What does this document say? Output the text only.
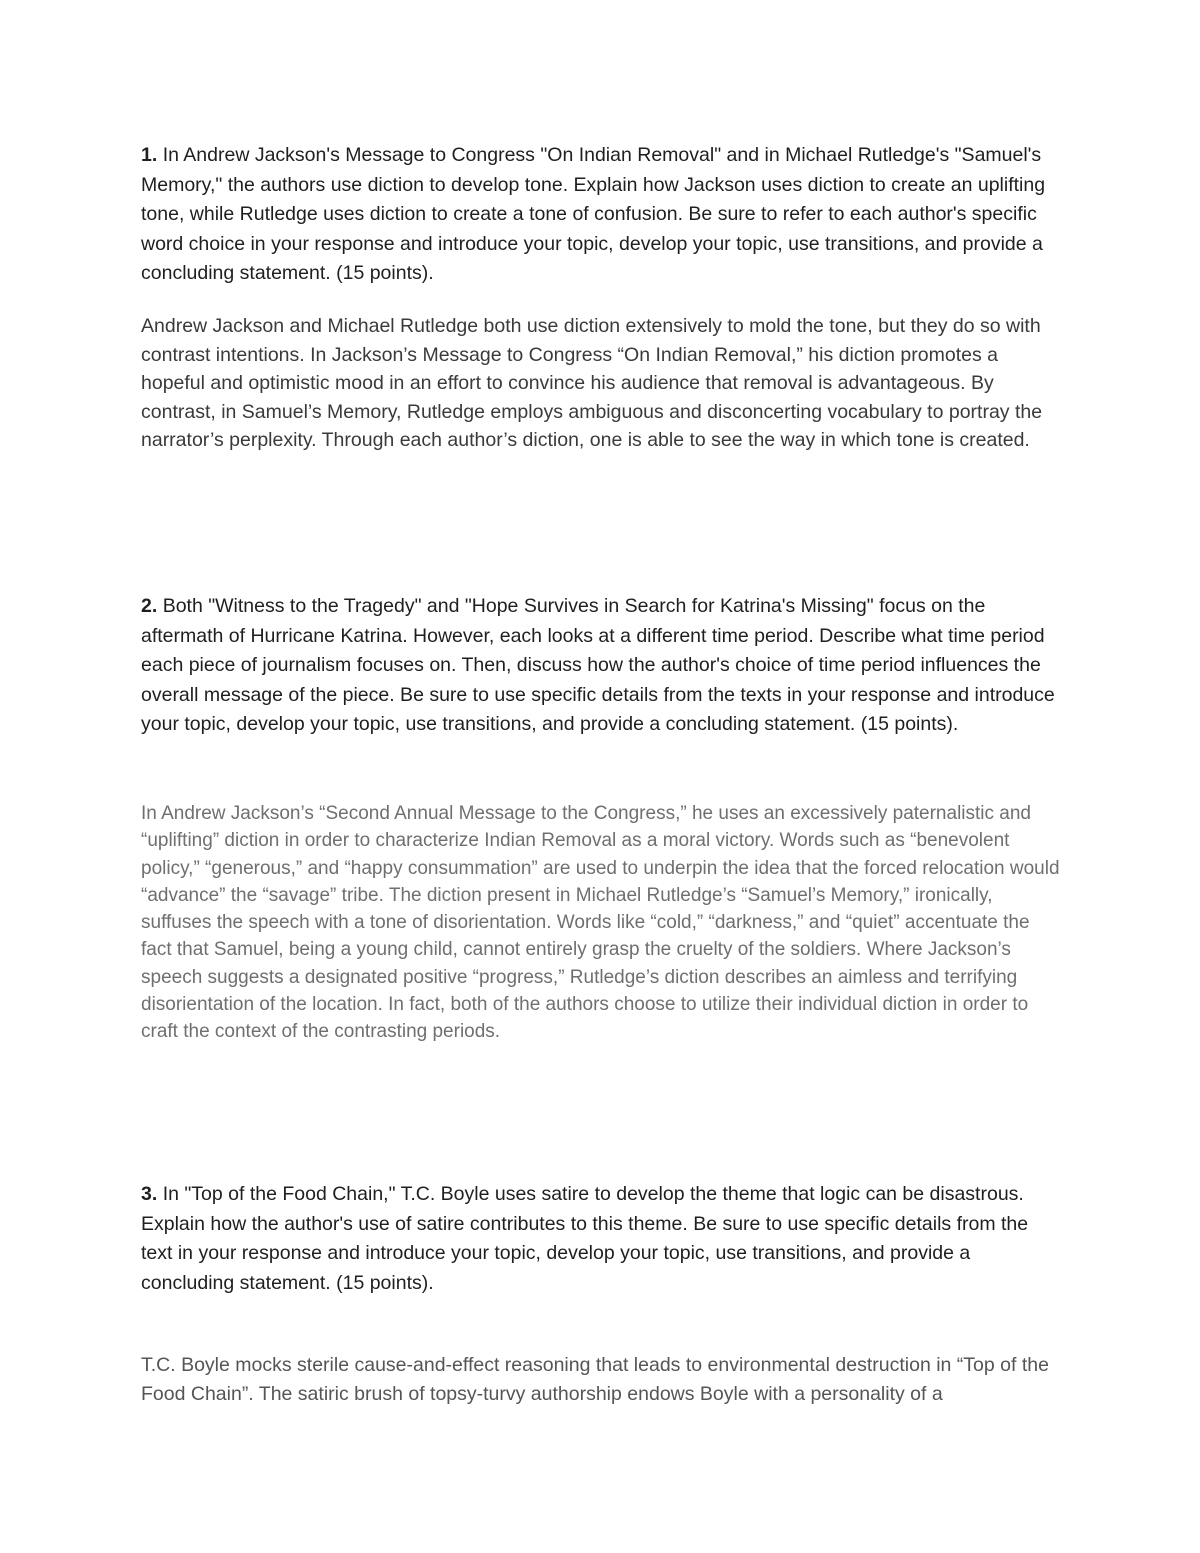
1. In Andrew Jackson's Message to Congress "On Indian Removal" and in Michael Rutledge's "Samuel's Memory," the authors use diction to develop tone. Explain how Jackson uses diction to create an uplifting tone, while Rutledge uses diction to create a tone of confusion. Be sure to refer to each author's specific word choice in your response and introduce your topic, develop your topic, use transitions, and provide a concluding statement. (15 points).

Andrew Jackson and Michael Rutledge both use diction extensively to mold the tone, but they do so with contrast intentions. In Jackson’s Message to Congress “On Indian Removal,” his diction promotes a hopeful and optimistic mood in an effort to convince his audience that removal is advantageous. By contrast, in Samuel’s Memory, Rutledge employs ambiguous and disconcerting vocabulary to portray the narrator’s perplexity. Through each author’s diction, one is able to see the way in which tone is created.

2. Both "Witness to the Tragedy" and "Hope Survives in Search for Katrina's Missing" focus on the aftermath of Hurricane Katrina. However, each looks at a different time period. Describe what time period each piece of journalism focuses on. Then, discuss how the author's choice of time period influences the overall message of the piece. Be sure to use specific details from the texts in your response and introduce your topic, develop your topic, use transitions, and provide a concluding statement. (15 points).

In Andrew Jackson’s “Second Annual Message to the Congress,” he uses an excessively paternalistic and “uplifting” diction in order to characterize Indian Removal as a moral victory. Words such as “benevolent policy,” “generous,” and “happy consummation” are used to underpin the idea that the forced relocation would “advance” the “savage” tribe. The diction present in Michael Rutledge’s “Samuel’s Memory,” ironically, suffuses the speech with a tone of disorientation. Words like “cold,” “darkness,” and “quiet” accentuate the fact that Samuel, being a young child, cannot entirely grasp the cruelty of the soldiers. Where Jackson’s speech suggests a designated positive “progress,” Rutledge’s diction describes an aimless and terrifying disorientation of the location. In fact, both of the authors choose to utilize their individual diction in order to craft the context of the contrasting periods.

3. In "Top of the Food Chain," T.C. Boyle uses satire to develop the theme that logic can be disastrous. Explain how the author's use of satire contributes to this theme. Be sure to use specific details from the text in your response and introduce your topic, develop your topic, use transitions, and provide a concluding statement. (15 points).

T.C. Boyle mocks sterile cause-and-effect reasoning that leads to environmental destruction in “Top of the Food Chain”. The satiric brush of topsy-turvy authorship endows Boyle with a personality of a
